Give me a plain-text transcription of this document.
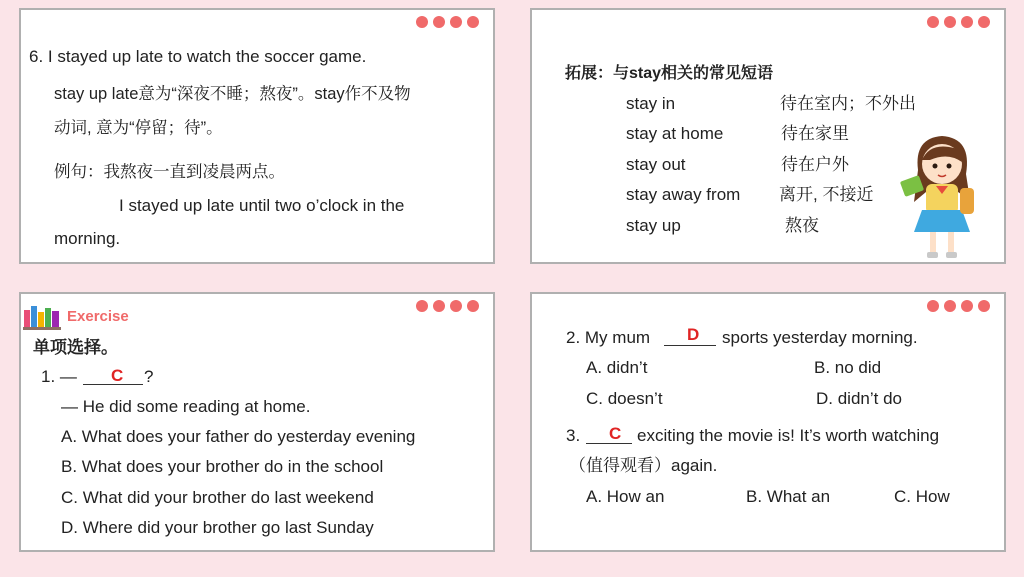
6. I stayed up late to watch the soccer game.
stay up late意为“深夜不睡；熬夜”。stay作不及物
动词, 意为“停留；待”。
例句：我熬夜一直到凌晨两点。
I stayed up late until two o’clock in the
morning.
拓展：与stay相关的常见短语
stay in	待在室内；不外出
stay at home	待在家里
stay out	待在户外
stay away from 离开, 不接近
stay up	熬夜
Exercise
单项选择。
1. — C ?
— He did some reading at home.
A. What does your father do yesterday evening
B. What does your brother do in the school
C. What did your brother do last weekend
D. Where did your brother go last Sunday
2. My mum D sports yesterday morning.
A. didn’t	B. no did
C. doesn’t	D. didn’t do
3. C exciting the movie is! It’s worth watching
（值得观看）again.
A. How an	B. What an	C. How
